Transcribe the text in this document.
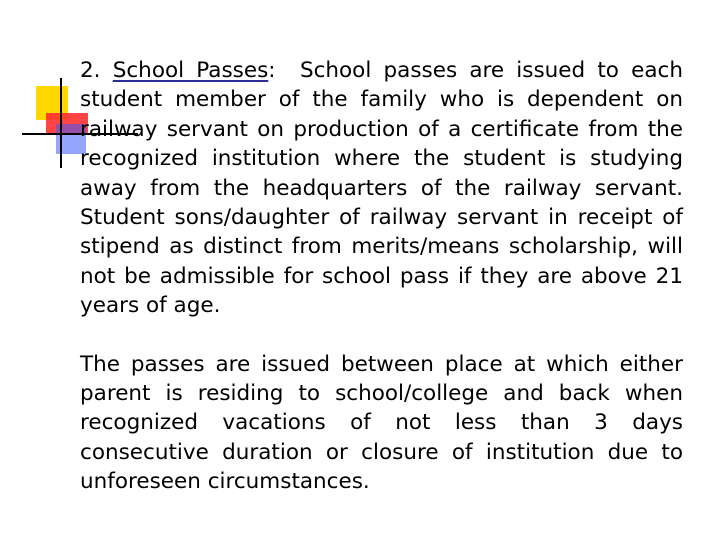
2. School Passes: School passes are issued to each student member of the family who is dependent on railway servant on production of a certificate from the recognized institution where the student is studying away from the headquarters of the railway servant. Student sons/daughter of railway servant in receipt of stipend as distinct from merits/means scholarship, will not be admissible for school pass if they are above 21 years of age.

The passes are issued between place at which either parent is residing to school/college and back when recognized vacations of not less than 3 days consecutive duration or closure of institution due to unforeseen circumstances.
